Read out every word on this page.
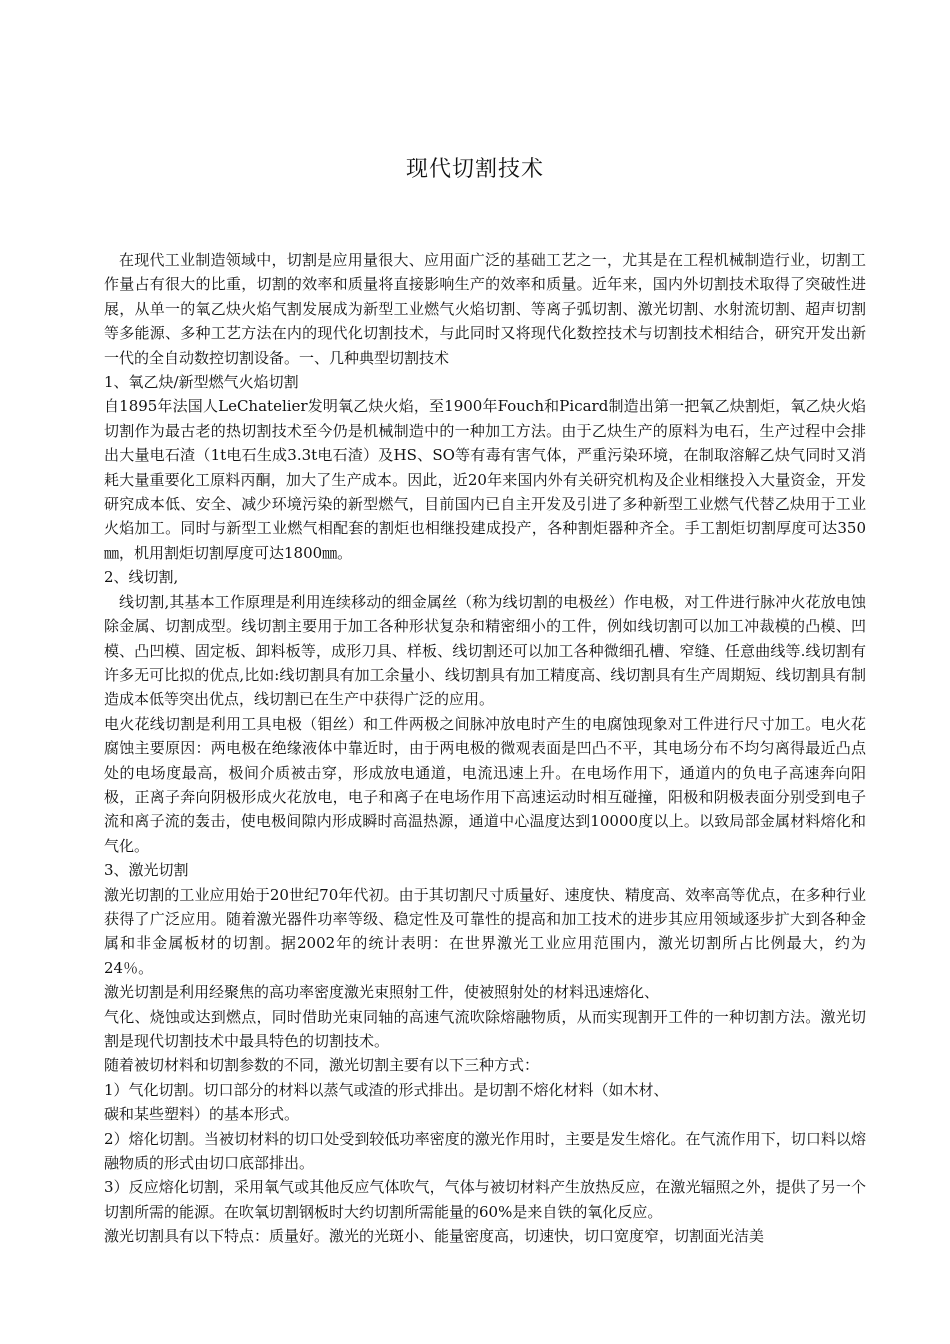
现代切割技术

在现代工业制造领域中，切割是应用量很大、应用面广泛的基础工艺之一，尤其是在工程机械制造行业，切割工作量占有很大的比重，切割的效率和质量将直接影响生产的效率和质量。近年来，国内外切割技术取得了突破性进展，从单一的氧乙炔火焰气割发展成为新型工业燃气火焰切割、等离子弧切割、激光切割、水射流切割、超声切割等多能源、多种工艺方法在内的现代化切割技术，与此同时又将现代化数控技术与切割技术相结合，研究开发出新一代的全自动数控切割设备。一、几种典型切割技术

1、氧乙炔/新型燃气火焰切割

自1895年法国人LeChatelier发明氧乙炔火焰，至1900年Fouch和Picard制造出第一把氧乙炔割炬，氧乙炔火焰切割作为最古老的热切割技术至今仍是机械制造中的一种加工方法。由于乙炔生产的原料为电石，生产过程中会排出大量电石渣（1t电石生成3.3t电石渣）及HS、SO等有毒有害气体，严重污染环境，在制取溶解乙炔气同时又消耗大量重要化工原料丙酮，加大了生产成本。因此，近20年来国内外有关研究机构及企业相继投入大量资金，开发研究成本低、安全、减少环境污染的新型燃气，目前国内已自主开发及引进了多种新型工业燃气代替乙炔用于工业火焰加工。同时与新型工业燃气相配套的割炬也相继投建成投产，各种割炬器种齐全。手工割炬切割厚度可达350㎜，机用割炬切割厚度可达1800㎜。

2、线切割,

线切割,其基本工作原理是利用连续移动的细金属丝（称为线切割的电极丝）作电极，对工件进行脉冲火花放电蚀除金属、切割成型。线切割主要用于加工各种形状复杂和精密细小的工件，例如线切割可以加工冲裁模的凸模、凹模、凸凹模、固定板、卸料板等，成形刀具、样板、线切割还可以加工各种微细孔槽、窄缝、任意曲线等.线切割有许多无可比拟的优点,比如:线切割具有加工余量小、线切割具有加工精度高、线切割具有生产周期短、线切割具有制造成本低等突出优点，线切割已在生产中获得广泛的应用。

电火花线切割是利用工具电极（钼丝）和工件两极之间脉冲放电时产生的电腐蚀现象对工件进行尺寸加工。电火花腐蚀主要原因：两电极在绝缘液体中靠近时，由于两电极的微观表面是凹凸不平，其电场分布不均匀离得最近凸点处的电场度最高，极间介质被击穿，形成放电通道，电流迅速上升。在电场作用下，通道内的负电子高速奔向阳极，正离子奔向阴极形成火花放电，电子和离子在电场作用下高速运动时相互碰撞，阳极和阴极表面分别受到电子流和离子流的轰击，使电极间隙内形成瞬时高温热源，通道中心温度达到10000度以上。以致局部金属材料熔化和气化。

3、激光切割

激光切割的工业应用始于20世纪70年代初。由于其切割尺寸质量好、速度快、精度高、效率高等优点，在多种行业获得了广泛应用。随着激光器件功率等级、稳定性及可靠性的提高和加工技术的进步其应用领域逐步扩大到各种金属和非金属板材的切割。据2002年的统计表明：在世界激光工业应用范围内，激光切割所占比例最大，约为24％。

激光切割是利用经聚焦的高功率密度激光束照射工件，使被照射处的材料迅速熔化、

气化、烧蚀或达到燃点，同时借助光束同轴的高速气流吹除熔融物质，从而实现割开工件的一种切割方法。激光切割是现代切割技术中最具特色的切割技术。

随着被切材料和切割参数的不同，激光切割主要有以下三种方式：

1）气化切割。切口部分的材料以蒸气或渣的形式排出。是切割不熔化材料（如木材、

碳和某些塑料）的基本形式。

2）熔化切割。当被切材料的切口处受到较低功率密度的激光作用时，主要是发生熔化。在气流作用下，切口料以熔融物质的形式由切口底部排出。

3）反应熔化切割，采用氧气或其他反应气体吹气，气体与被切材料产生放热反应，在激光辐照之外，提供了另一个切割所需的能源。在吹氧切割钢板时大约切割所需能量的60%是来自铁的氧化反应。

激光切割具有以下特点：质量好。激光的光斑小、能量密度高，切速快，切口宽度窄，切割面光洁美
